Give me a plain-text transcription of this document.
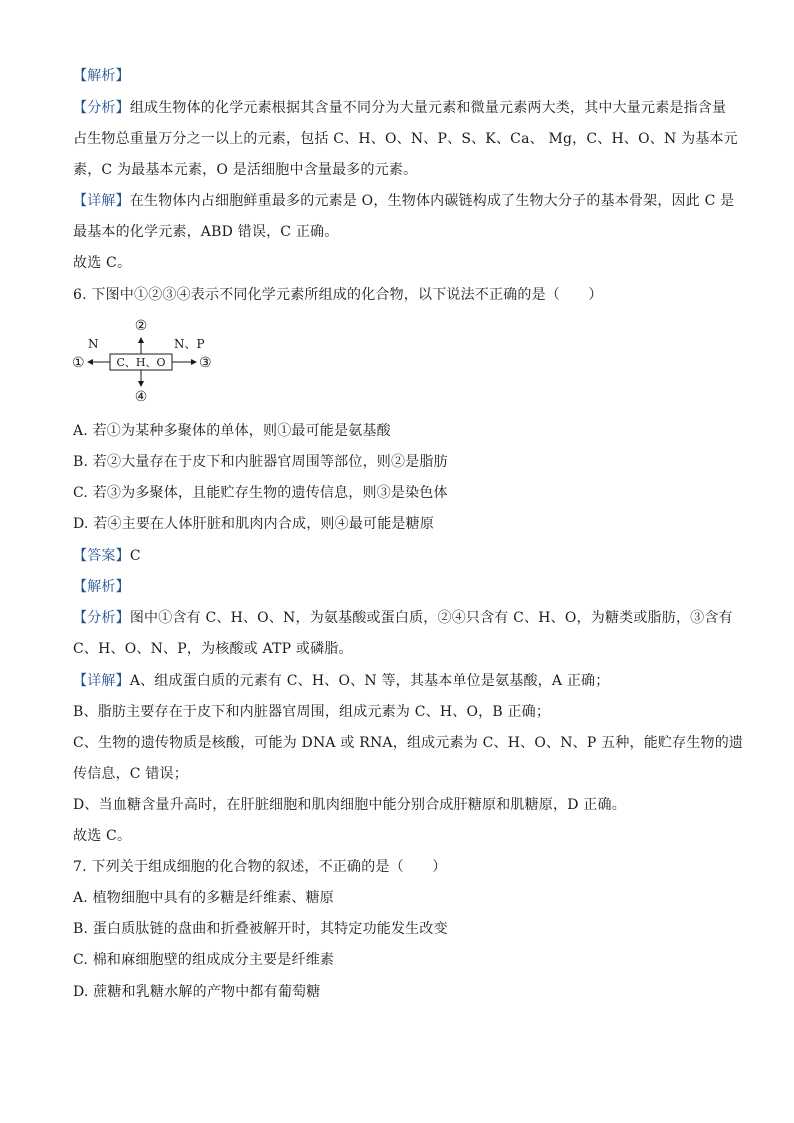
【解析】
【分析】组成生物体的化学元素根据其含量不同分为大量元素和微量元素两大类，其中大量元素是指含量
占生物总重量万分之一以上的元素，包括 C、H、O、N、P、S、K、Ca、 Mg，C、H、O、N 为基本元
素，C 为最基本元素，O 是活细胞中含量最多的元素。
【详解】在生物体内占细胞鲜重最多的元素是 O，生物体内碳链构成了生物大分子的基本骨架，因此 C 是
最基本的化学元素，ABD 错误，C 正确。
故选 C。
6. 下图中①②③④表示不同化学元素所组成的化合物，以下说法不正确的是（　　）
C、H、O
②
④
①
N
③
N、P
A. 若①为某种多聚体的单体，则①最可能是氨基酸
B. 若②大量存在于皮下和内脏器官周围等部位，则②是脂肪
C. 若③为多聚体，且能贮存生物的遗传信息，则③是染色体
D. 若④主要在人体肝脏和肌肉内合成，则④最可能是糖原
【答案】C
【解析】
【分析】图中①含有 C、H、O、N，为氨基酸或蛋白质，②④只含有 C、H、O，为糖类或脂肪，③含有
C、H、O、N、P，为核酸或 ATP 或磷脂。
【详解】A、组成蛋白质的元素有 C、H、O、N 等，其基本单位是氨基酸，A 正确；
B、脂肪主要存在于皮下和内脏器官周围，组成元素为 C、H、O，B 正确；
C、生物的遗传物质是核酸，可能为 DNA 或 RNA，组成元素为 C、H、O、N、P 五种，能贮存生物的遗
传信息，C 错误；
D、当血糖含量升高时，在肝脏细胞和肌肉细胞中能分别合成肝糖原和肌糖原，D 正确。
故选 C。
7. 下列关于组成细胞的化合物的叙述，不正确的是（　　）
A. 植物细胞中具有的多糖是纤维素、糖原
B. 蛋白质肽链的盘曲和折叠被解开时，其特定功能发生改变
C. 棉和麻细胞壁的组成成分主要是纤维素
D. 蔗糖和乳糖水解的产物中都有葡萄糖
